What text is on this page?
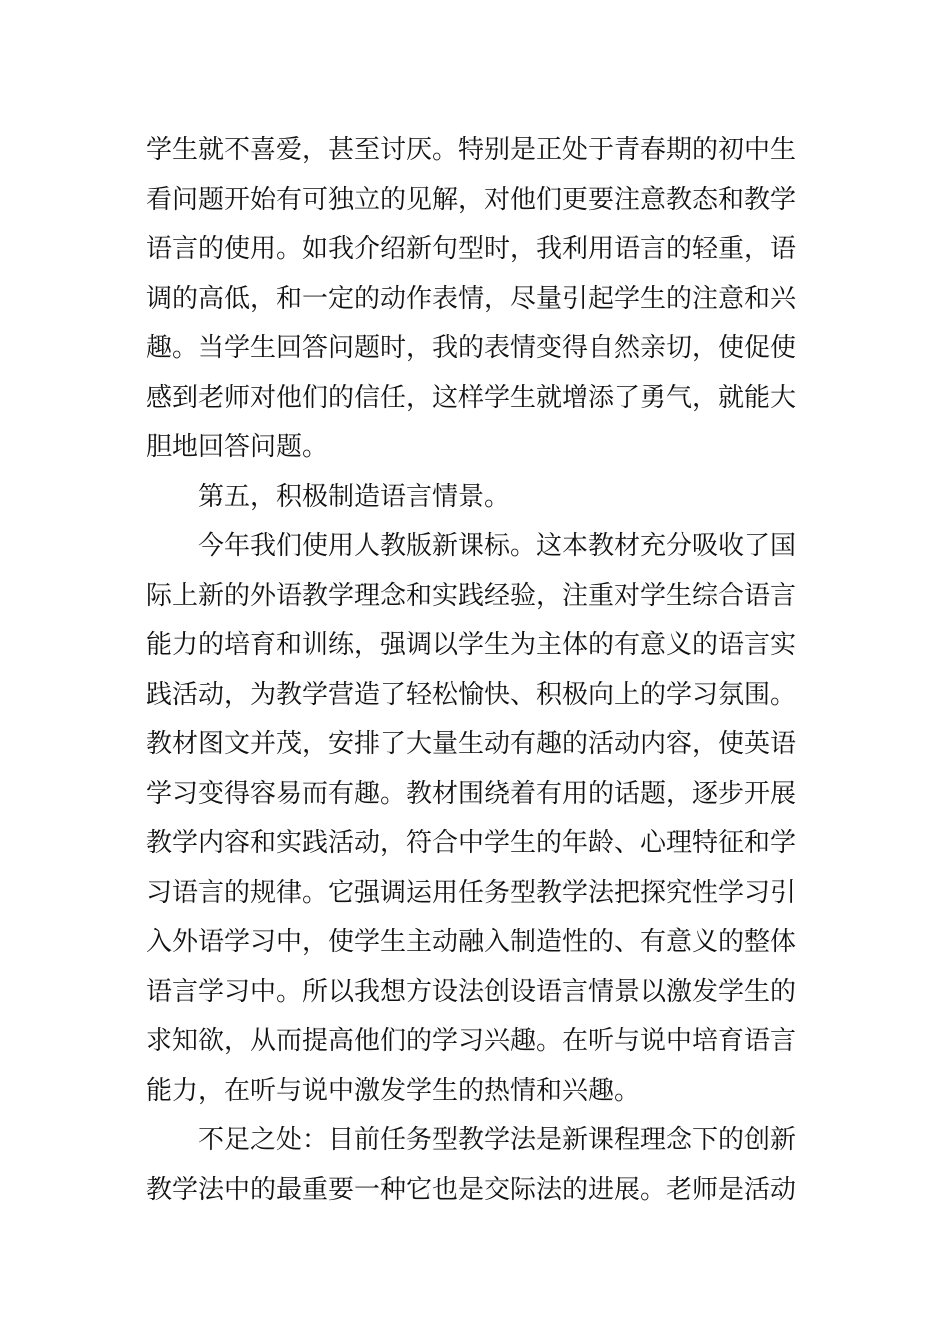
学生就不喜爱，甚至讨厌。特别是正处于青春期的初中生
看问题开始有可独立的见解，对他们更要注意教态和教学
语言的使用。如我介绍新句型时，我利用语言的轻重，语
调的高低，和一定的动作表情，尽量引起学生的注意和兴
趣。当学生回答问题时，我的表情变得自然亲切，使促使
感到老师对他们的信任，这样学生就增添了勇气，就能大
胆地回答问题。
第五，积极制造语言情景。
今年我们使用人教版新课标。这本教材充分吸收了国
际上新的外语教学理念和实践经验，注重对学生综合语言
能力的培育和训练，强调以学生为主体的有意义的语言实
践活动，为教学营造了轻松愉快、积极向上的学习氛围。
教材图文并茂，安排了大量生动有趣的活动内容，使英语
学习变得容易而有趣。教材围绕着有用的话题，逐步开展
教学内容和实践活动，符合中学生的年龄、心理特征和学
习语言的规律。它强调运用任务型教学法把探究性学习引
入外语学习中，使学生主动融入制造性的、有意义的整体
语言学习中。所以我想方设法创设语言情景以激发学生的
求知欲，从而提高他们的学习兴趣。在听与说中培育语言
能力，在听与说中激发学生的热情和兴趣。
不足之处：目前任务型教学法是新课程理念下的创新
教学法中的最重要一种它也是交际法的进展。老师是活动
